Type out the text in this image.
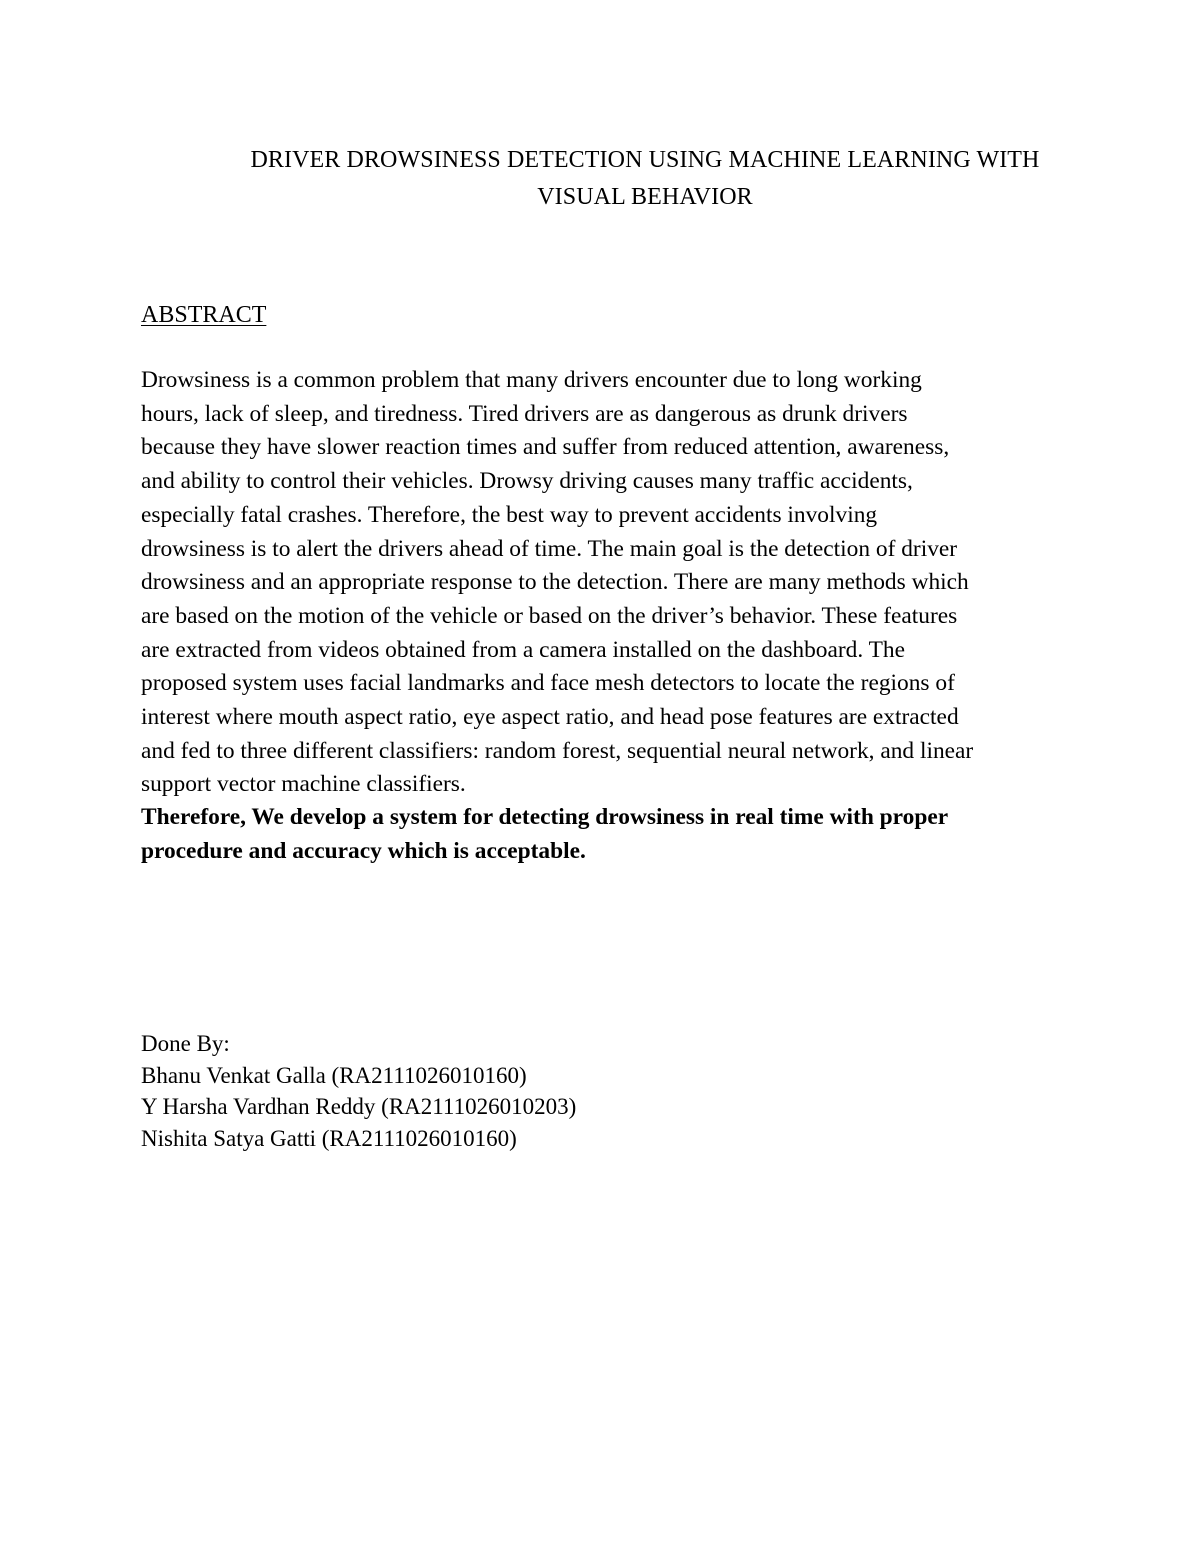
DRIVER DROWSINESS DETECTION USING MACHINE LEARNING WITH
VISUAL BEHAVIOR
ABSTRACT

Drowsiness is a common problem that many drivers encounter due to long working
hours, lack of sleep, and tiredness. Tired drivers are as dangerous as drunk drivers
because they have slower reaction times and suffer from reduced attention, awareness,
and ability to control their vehicles. Drowsy driving causes many traffic accidents,
especially fatal crashes. Therefore, the best way to prevent accidents involving
drowsiness is to alert the drivers ahead of time. The main goal is the detection of driver
drowsiness and an appropriate response to the detection. There are many methods which
are based on the motion of the vehicle or based on the driver’s behavior. These features
are extracted from videos obtained from a camera installed on the dashboard. The
proposed system uses facial landmarks and face mesh detectors to locate the regions of
interest where mouth aspect ratio, eye aspect ratio, and head pose features are extracted
and fed to three different classifiers: random forest, sequential neural network, and linear
support vector machine classifiers.

Therefore, We develop a system for detecting drowsiness in real time with proper
procedure and accuracy which is acceptable.

Done By:
Bhanu Venkat Galla (RA2111026010160)
Y Harsha Vardhan Reddy (RA2111026010203)
Nishita Satya Gatti (RA2111026010160)
